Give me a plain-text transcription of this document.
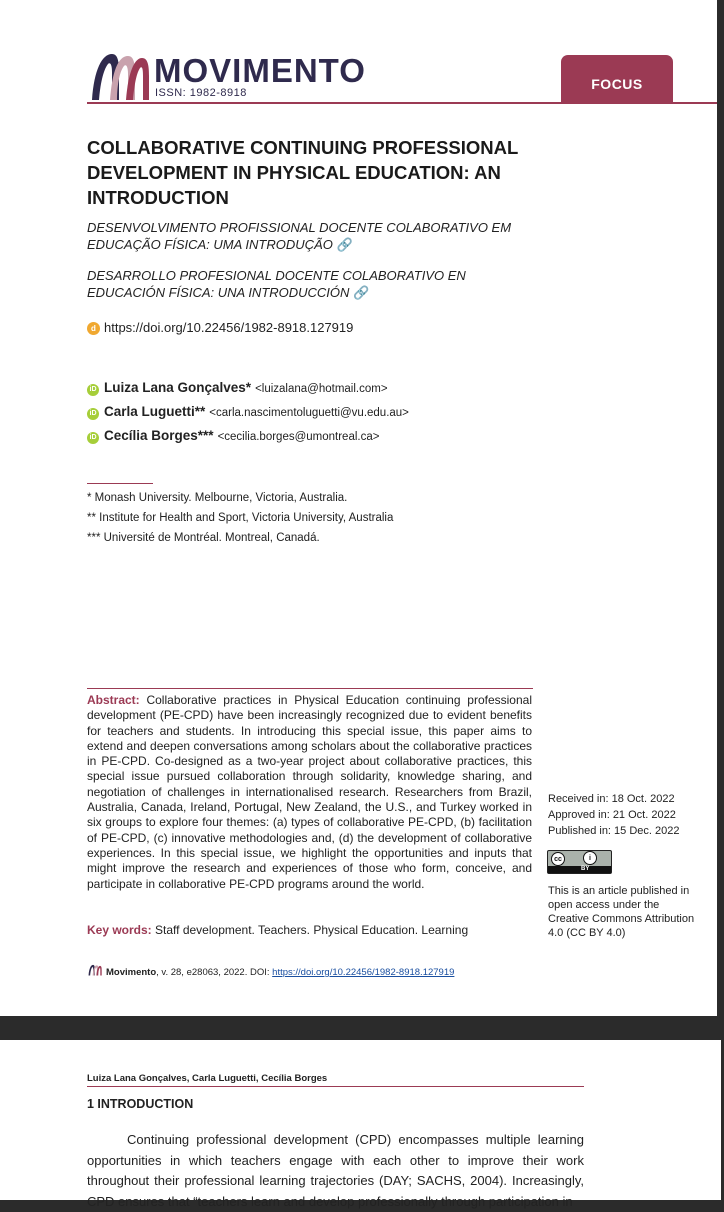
MOVIMENTO
ISSN: 1982-8918
FOCUS
COLLABORATIVE CONTINUING PROFESSIONAL DEVELOPMENT IN PHYSICAL EDUCATION: AN INTRODUCTION
DESENVOLVIMENTO PROFISSIONAL DOCENTE COLABORATIVO EM EDUCAÇÃO FÍSICA: UMA INTRODUÇÃO 🔗
DESARROLLO PROFESIONAL DOCENTE COLABORATIVO EN EDUCACIÓN FÍSICA: UNA INTRODUCCIÓN 🔗
d https://doi.org/10.22456/1982-8918.127919
iD Luiza Lana Gonçalves* <luizalana@hotmail.com>
iD Carla Luguetti** <carla.nascimentoluguetti@vu.edu.au>
iD Cecília Borges*** <cecilia.borges@umontreal.ca>
* Monash University. Melbourne, Victoria, Australia.
** Institute for Health and Sport, Victoria University, Australia
*** Université de Montréal. Montreal, Canadá.
Abstract: Collaborative practices in Physical Education continuing professional development (PE-CPD) have been increasingly recognized due to evident benefits for teachers and students. In introducing this special issue, this paper aims to extend and deepen conversations among scholars about the collaborative practices in PE-CPD. Co-designed as a two-year project about collaborative practices, this special issue pursued collaboration through solidarity, knowledge sharing, and negotiation of challenges in internationalised research. Researchers from Brazil, Australia, Canada, Ireland, Portugal, New Zealand, the U.S., and Turkey worked in six groups to explore four themes: (a) types of collaborative PE-CPD, (b) facilitation of PE-CPD, (c) innovative methodologies and, (d) the development of collaborative experiences. In this special issue, we highlight the opportunities and inputs that might improve the research and experiences of those who form, conceive, and participate in collaborative PE-CPD programs around the world.
Key words: Staff development. Teachers. Physical Education. Learning
Received in: 18 Oct. 2022
Approved in: 21 Oct. 2022
Published in: 15 Dec. 2022
cc	i
BY
This is an article published in open access under the Creative Commons Attribution 4.0 (CC BY 4.0)
Movimento, v. 28, e28063, 2022. DOI: https://doi.org/10.22456/1982-8918.127919
Luiza Lana Gonçalves, Carla Luguetti, Cecília Borges
1 INTRODUCTION
Continuing professional development (CPD) encompasses multiple learning opportunities in which teachers engage with each other to improve their work throughout their professional learning trajectories (DAY; SACHS, 2004). Increasingly, CPD ensures that “teachers learn and develop professionally through participation in
